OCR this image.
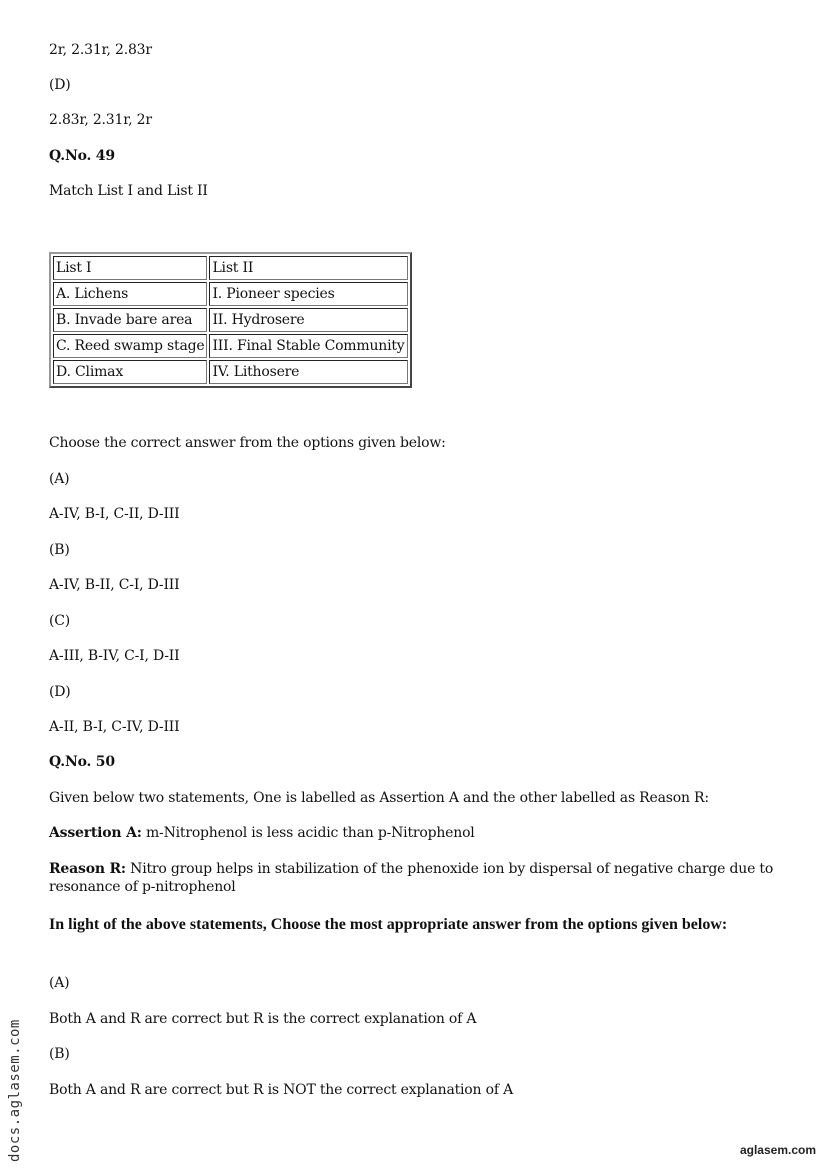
2r, 2.31r, 2.83r
(D)
2.83r, 2.31r, 2r
Q.No. 49
Match List I and List II
List I	List II
A. Lichens	I. Pioneer species
B. Invade bare area	II. Hydrosere
C. Reed swamp stage	III. Final Stable Community
D. Climax	IV. Lithosere
Choose the correct answer from the options given below:
(A)
A-IV, B-I, C-II, D-III
(B)
A-IV, B-II, C-I, D-III
(C)
A-III, B-IV, C-I, D-II
(D)
A-II, B-I, C-IV, D-III
Q.No. 50
Given below two statements, One is labelled as Assertion A and the other labelled as Reason R:
Assertion A: m-Nitrophenol is less acidic than p-Nitrophenol
Reason R: Nitro group helps in stabilization of the phenoxide ion by dispersal of negative charge due to resonance of p-nitrophenol
In light of the above statements, Choose the most appropriate answer from the options given below:
(A)
Both A and R are correct but R is the correct explanation of A
(B)
Both A and R are correct but R is NOT the correct explanation of A
docs.aglasem.com	aglasem.com
